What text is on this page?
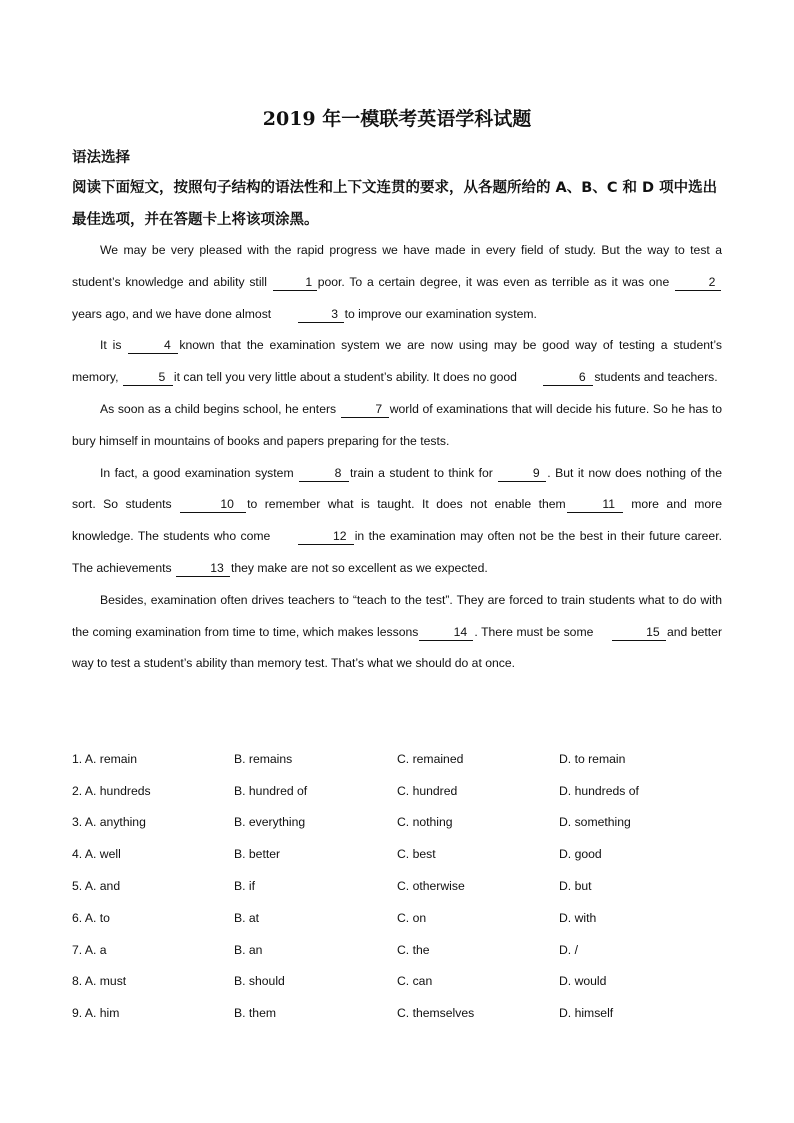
2019 年一模联考英语学科试题
语法选择
阅读下面短文，按照句子结构的语法性和上下文连贯的要求，从各题所给的 A、B、C 和 D 项中选出最佳选项，并在答题卡上将该项涂黑。

We may be very pleased with the rapid progress we have made in every field of study. But the way to test a student’s knowledge and ability still	1 poor. To a certain degree, it was even as terrible as it was one	2years ago, and we have done almost	3 to improve our examination system.

It is	4 known that the examination system we are now using may be good way of testing a student’s memory,	5 it can tell you very little about a student’s ability. It does no good	6 students and teachers.

As soon as a child begins school, he enters	7 world of examinations that will decide his future. So he has to bury himself in mountains of books and papers preparing for the tests.

In fact, a good examination system	8 train a student to think for	9 . But it now does nothing of the sort. So students	10 to remember what is taught. It does not enable them	11 more and more knowledge. The students who come	12 in the examination may often not be the best in their future career. The achievements	13 they make are not so excellent as we expected.

Besides, examination often drives teachers to “teach to the test”. They are forced to train students what to do with the coming examination from time to time, which makes lessons	14 . There must be some	15 and better way to test a student’s ability than memory test. That’s what we should do at once.

1. A. remain	B. remains	C. remained	D. to remain
2. A. hundreds	B. hundred of	C. hundred	D. hundreds of
3. A. anything	B. everything	C. nothing	D. something
4. A. well	B. better	C. best	D. good
5. A. and	B. if	C. otherwise	D. but
6. A. to	B. at	C. on	D. with
7. A. a	B. an	C. the	D. /
8. A. must	B. should	C. can	D. would
9. A. him	B. them	C. themselves	D. himself
